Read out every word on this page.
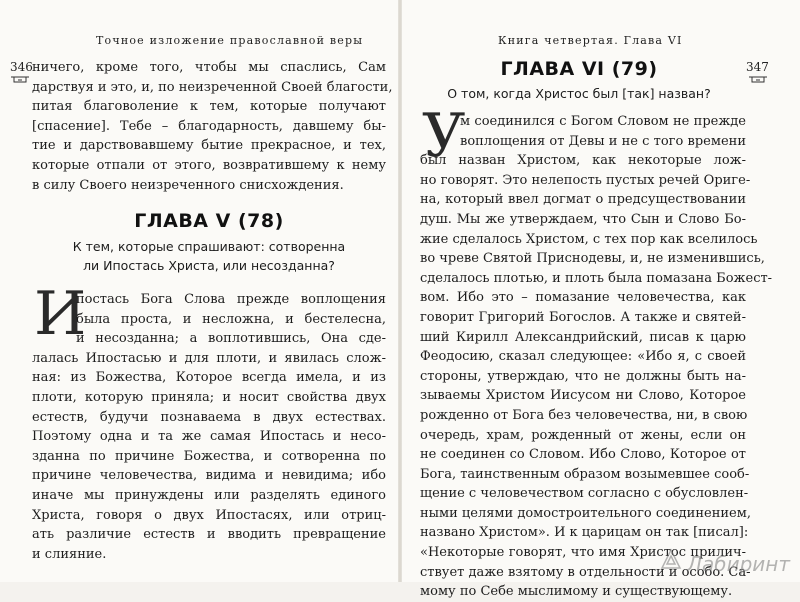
Точное изложение православной веры
346 ничего, кроме того, чтобы мы спаслись, Сам
дарствуя и это, и, по неизреченной Своей благости,
питая благоволение к тем, которые получают
[спасение]. Тебе – благодарность, давшему бы-
тие и дарствовавшему бытие прекрасное, и тех,
которые отпали от этого, возвратившему к нему
в силу Своего неизреченного снисхождения.
ГЛАВА V (78)
К тем, которые спрашивают: сотворенна
ли Ипостась Христа, или несозданна?
И
постась Бога Слова прежде воплощения
была проста, и несложна, и бестелесна,
и несозданна; а воплотившись, Она сде-
лалась Ипостасью и для плоти, и явилась слож-
ная: из Божества, Которое всегда имела, и из
плоти, которую приняла; и носит свойства двух
естеств, будучи познаваема в двух естествах.
Поэтому одна и та же самая Ипостась и несо-
зданна по причине Божества, и сотворенна по
причине человечества, видима и невидима; ибо
иначе мы принуждены или разделять единого
Христа, говоря о двух Ипостасях, или отриц-
ать различие естеств и вводить превращение
и слияние.
Книга четвертая. Глава VI
347
ГЛАВА VI (79)
О том, когда Христос был [так] назван?
У
м соединился с Богом Словом не прежде
воплощения от Девы и не с того времени
был назван Христом, как некоторые лож-
но говорят. Это нелепость пустых речей Ориге-
на, который ввел догмат о предсуществовании
душ. Мы же утверждаем, что Сын и Слово Бо-
жие сделалось Христом, с тех пор как вселилось
во чреве Святой Приснодевы, и, не изменившись,
сделалось плотью, и плоть была помазана Божест-
вом. Ибо это – помазание человечества, как
говорит Григорий Богослов. А также и святей-
ший Кирилл Александрийский, писав к царю
Феодосию, сказал следующее: «Ибо я, с своей
стороны, утверждаю, что не должны быть на-
зываемы Христом Иисусом ни Слово, Которое
рожденно от Бога без человечества, ни, в свою
очередь, храм, рожденный от жены, если он
не соединен со Словом. Ибо Слово, Которое от
Бога, таинственным образом возымевшее сооб-
щение с человечеством согласно с обусловлен-
ными целями домостроительного соединением,
названо Христом». И к царицам он так [писал]:
«Некоторые говорят, что имя Христос прилич-
ствует даже взятому в отдельности и особо. Са-
мому по Себе мыслимому и существующему.
Лабиринт
